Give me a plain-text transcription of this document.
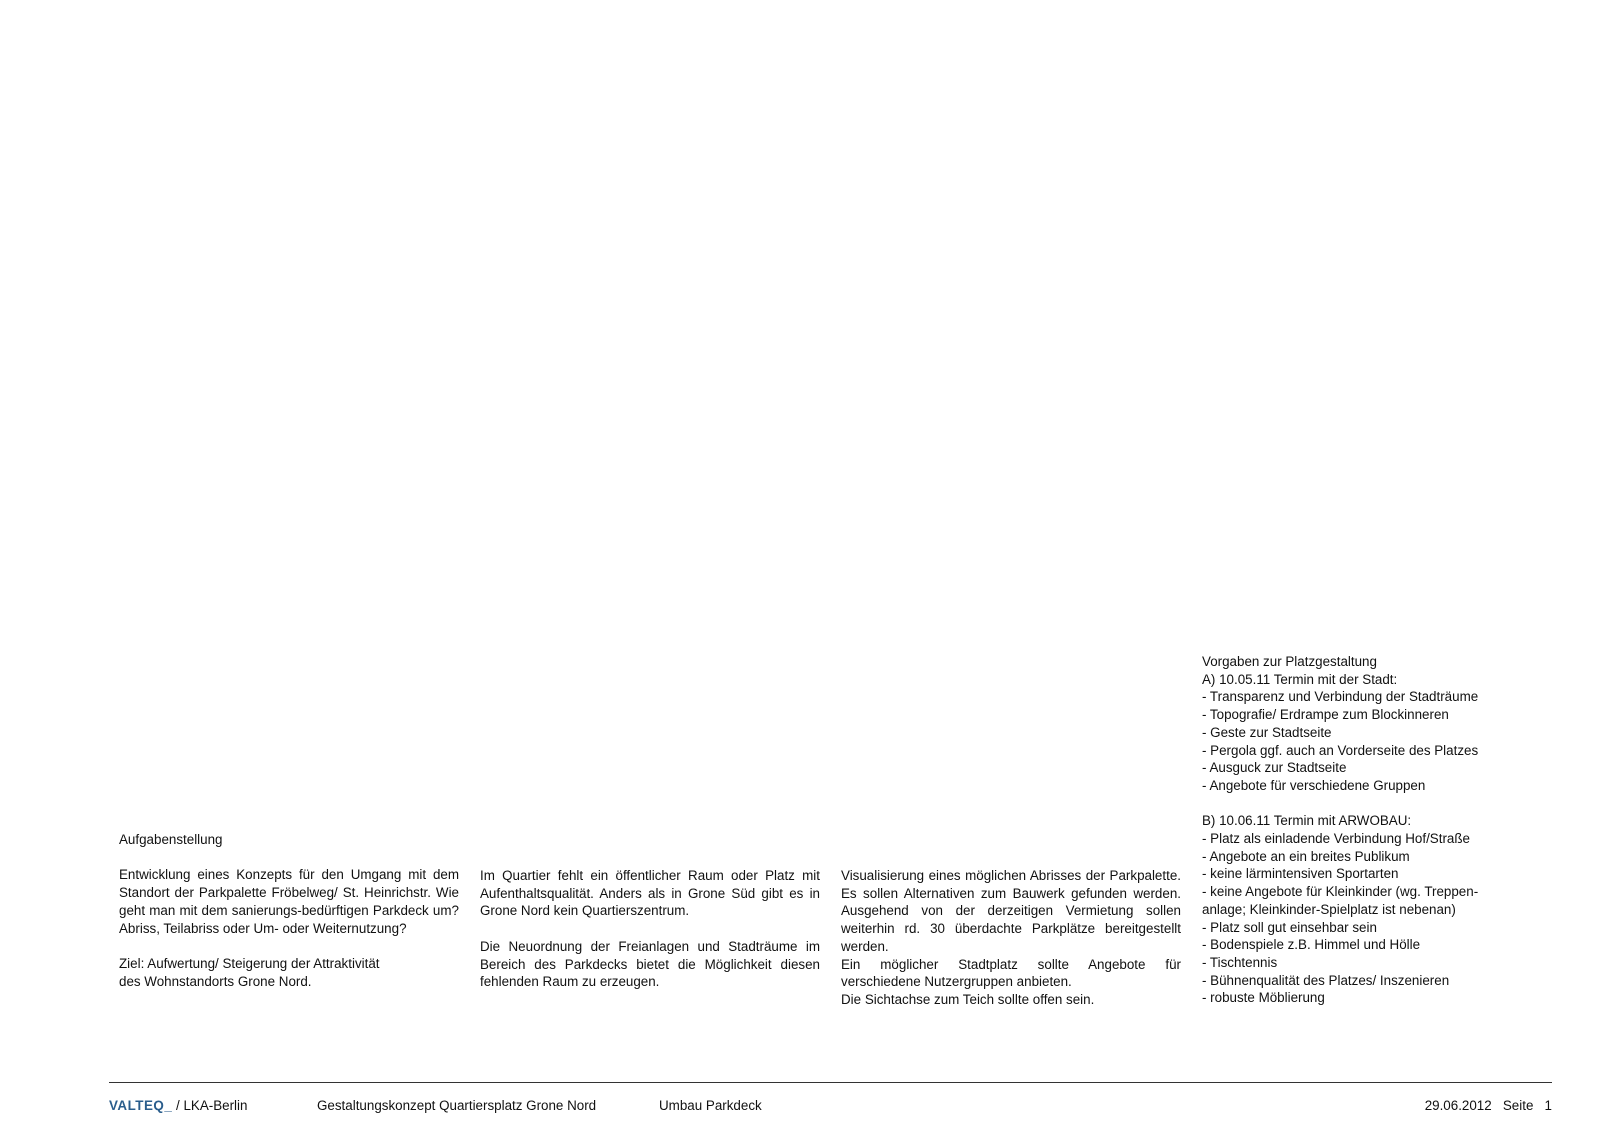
Aufgabenstellung

Entwicklung eines Konzepts für den Umgang mit dem Standort der Parkpalette Fröbelweg/ St. Heinrichstr. Wie geht man mit dem sanierungs-bedürftigen Parkdeck um? Abriss, Teilabriss oder Um- oder Weiternutzung?

Ziel: Aufwertung/ Steigerung der Attraktivität

des Wohnstandorts Grone Nord.

Im Quartier fehlt ein öffentlicher Raum oder Platz mit Aufenthaltsqualität. Anders als in Grone Süd gibt es in Grone Nord kein Quartierszentrum.

Die Neuordnung der Freianlagen und Stadträume im Bereich des Parkdecks bietet die Möglichkeit diesen fehlenden Raum zu erzeugen.

Visualisierung eines möglichen Abrisses der Parkpalette. Es sollen Alternativen zum Bauwerk gefunden werden. Ausgehend von der derzeitigen Vermietung sollen weiterhin rd. 30 überdachte Parkplätze bereitgestellt werden.

Ein möglicher Stadtplatz sollte Angebote für verschiedene Nutzergruppen anbieten.

Die Sichtachse zum Teich sollte offen sein.

Vorgaben zur Platzgestaltung

A) 10.05.11 Termin mit der Stadt:

- Transparenz und Verbindung der Stadträume
- Topografie/ Erdrampe zum Blockinneren
- Geste zur Stadtseite
- Pergola ggf. auch an Vorderseite des Platzes
- Ausguck zur Stadtseite
- Angebote für verschiedene Gruppen

B) 10.06.11 Termin mit ARWOBAU:

- Platz als einladende Verbindung Hof/Straße
- Angebote an ein breites Publikum
- keine lärmintensiven Sportarten
- keine Angebote für Kleinkinder (wg. Treppen-
anlage; Kleinkinder-Spielplatz ist nebenan)
- Platz soll gut einsehbar sein
- Bodenspiele z.B. Himmel und Hölle
- Tischtennis
- Bühnenqualität des Platzes/ Inszenieren
- robuste Möblierung
VALTEQ_ / LKA-Berlin	Gestaltungskonzept Quartiersplatz Grone Nord	Umbau Parkdeck	29.06.2012   Seite   1
